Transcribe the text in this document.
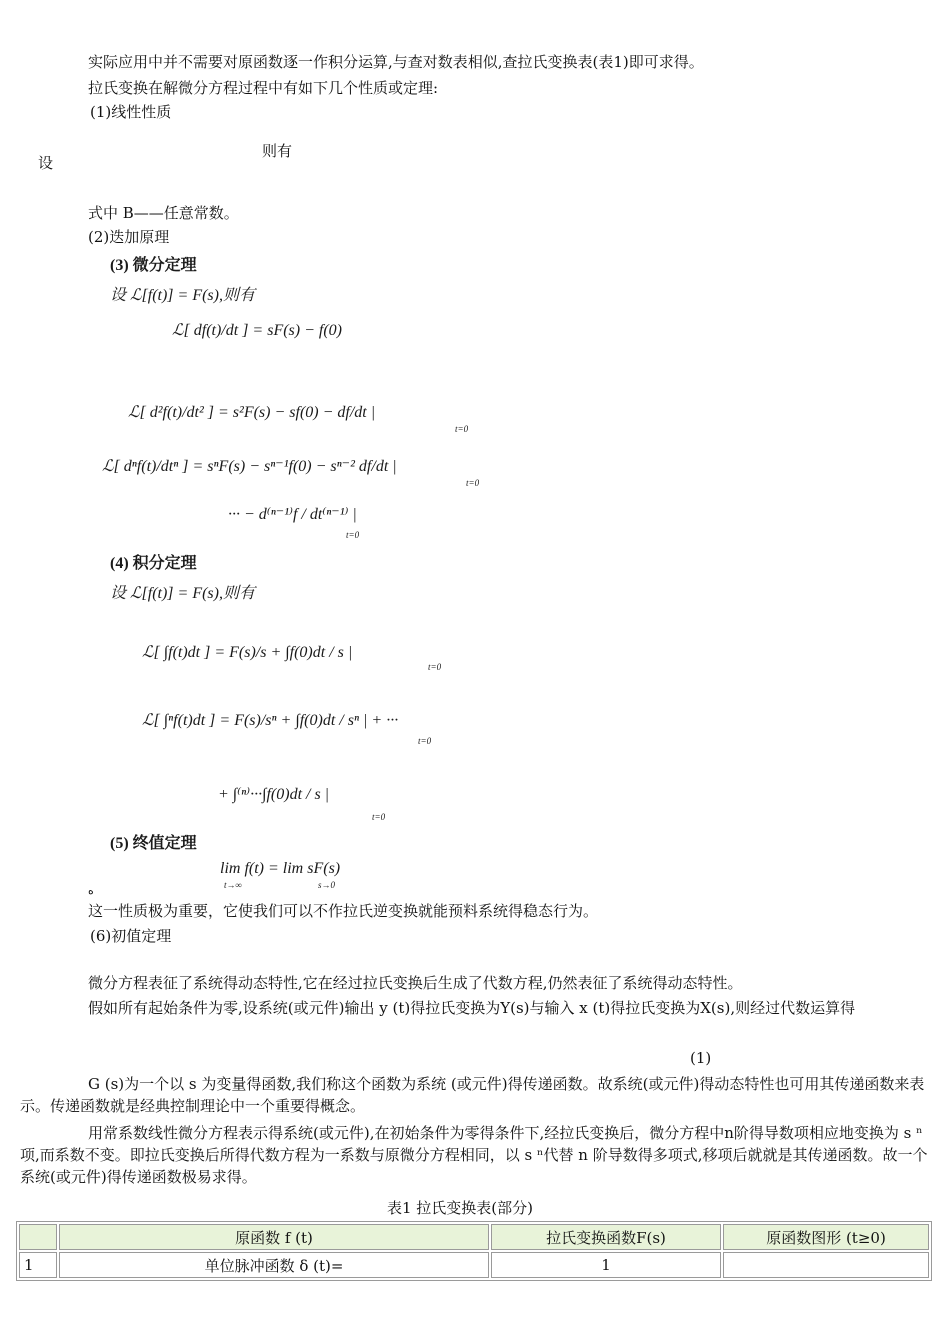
实际应用中并不需要对原函数逐一作积分运算,与查对数表相似,查拉氏变换表(表1)即可求得。
拉氏变换在解微分方程过程中有如下几个性质或定理:
(1)线性性质
则有
设
式中 B——任意常数。
(2)迭加原理
(3) 微分定理
设 ℒ[f(t)] = F(s),则有
ℒ[ df(t)/dt ] = sF(s) − f(0)
ℒ[ d²f(t)/dt² ] = s²F(s) − sf(0) − df/dt |
t=0
ℒ[ dⁿf(t)/dtⁿ ] = sⁿF(s) − sⁿ⁻¹f(0) − sⁿ⁻² df/dt |
t=0
··· − d⁽ⁿ⁻¹⁾f / dt⁽ⁿ⁻¹⁾ |
t=0
(4) 积分定理
设 ℒ[f(t)] = F(s),则有
ℒ[ ∫f(t)dt ] = F(s)/s + ∫f(0)dt / s |
t=0
ℒ[ ∫ⁿf(t)dt ] = F(s)/sⁿ + ∫f(0)dt / sⁿ | + ···
t=0
+ ∫⁽ⁿ⁾···∫f(0)dt / s |
t=0
(5) 终值定理
lim f(t) = lim sF(s)
t→∞	s→0
ه
这一性质极为重要，它使我们可以不作拉氏逆变换就能预料系统得稳态行为。
(6)初值定理
微分方程表征了系统得动态特性,它在经过拉氏变换后生成了代数方程,仍然表征了系统得动态特性。
假如所有起始条件为零,设系统(或元件)输出 y (t)得拉氏变换为Y(s)与输入 x (t)得拉氏变换为X(s),则经过代数运算得
(1)
G (s)为一个以 s 为变量得函数,我们称这个函数为系统 (或元件)得传递函数。故系统(或元件)得动态特性也可用其传递函数来表示。传递函数就是经典控制理论中一个重要得概念。
用常系数线性微分方程表示得系统(或元件),在初始条件为零得条件下,经拉氏变换后，微分方程中n阶得导数项相应地变换为 s ⁿ项,而系数不变。即拉氏变换后所得代数方程为一系数与原微分方程相同，以 s ⁿ代替 n 阶导数得多项式,移项后就就是其传递函数。故一个系统(或元件)得传递函数极易求得。
表1 拉氏变换表(部分)
	原函数 f (t)	拉氏变换函数F(s)	原函数图形 (t≥0)
1	单位脉冲函数 δ (t)=	1	
